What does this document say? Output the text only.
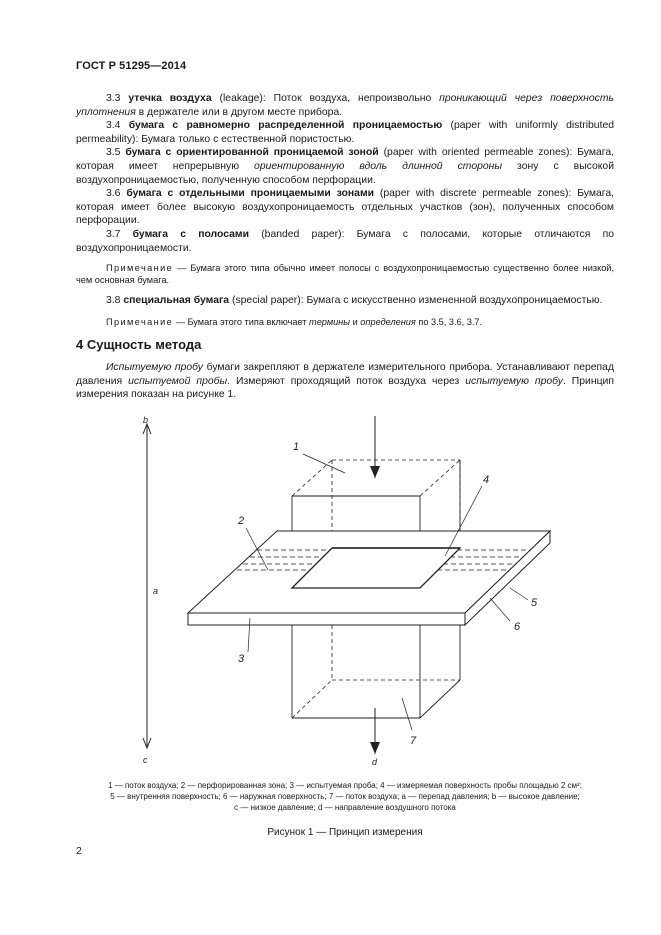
ГОСТ Р 51295—2014

3.3 утечка воздуха (leakage): Поток воздуха, непроизвольно проникающий через поверхность уплотнения в держателе или в другом месте прибора.

3.4 бумага с равномерно распределенной проницаемостью (paper with uniformly distributed permeability): Бумага только с естественной пористостью.

3.5 бумага с ориентированной проницаемой зоной (paper with oriented permeable zones): Бумага, которая имеет непрерывную ориентированную вдоль длинной стороны зону с высокой воздухопроницаемостью, полученную способом перфорации.

3.6 бумага с отдельными проницаемыми зонами (paper with discrete permeable zones): Бумага, которая имеет более высокую воздухопроницаемость отдельных участков (зон), полученных способом перфорации.

3.7 бумага с полосами (banded paper): Бумага с полосами, которые отличаются по воздухопроницаемости.

Примечание — Бумага этого типа обычно имеет полосы с воздухопроницаемостью существенно более низкой, чем основная бумага.

3.8 специальная бумага (special paper): Бумага с искусственно измененной воздухопроницаемостью.

Примечание — Бумага этого типа включает термины и определения по 3.5, 3.6, 3.7.

4 Сущность метода

Испытуемую пробу бумаги закрепляют в держателе измерительного прибора. Устанавливают перепад давления испытуемой пробы. Измеряют проходящий поток воздуха через испытуемую пробу. Принцип измерения показан на рисунке 1.

1
2
3
4
5
6
7
a
b
c	d
1 — поток воздуха; 2 — перфорированная зона; 3 — испытуемая проба; 4 — измеряемая поверхность пробы площадью 2 см²;
5 — внутренняя поверхность; 6 — наружная поверхность; 7 — поток воздуха; a — перепад давления; b — высокое давление;
c — низкое давление; d — направление воздушного потока
Рисунок 1 — Принцип измерения
2
